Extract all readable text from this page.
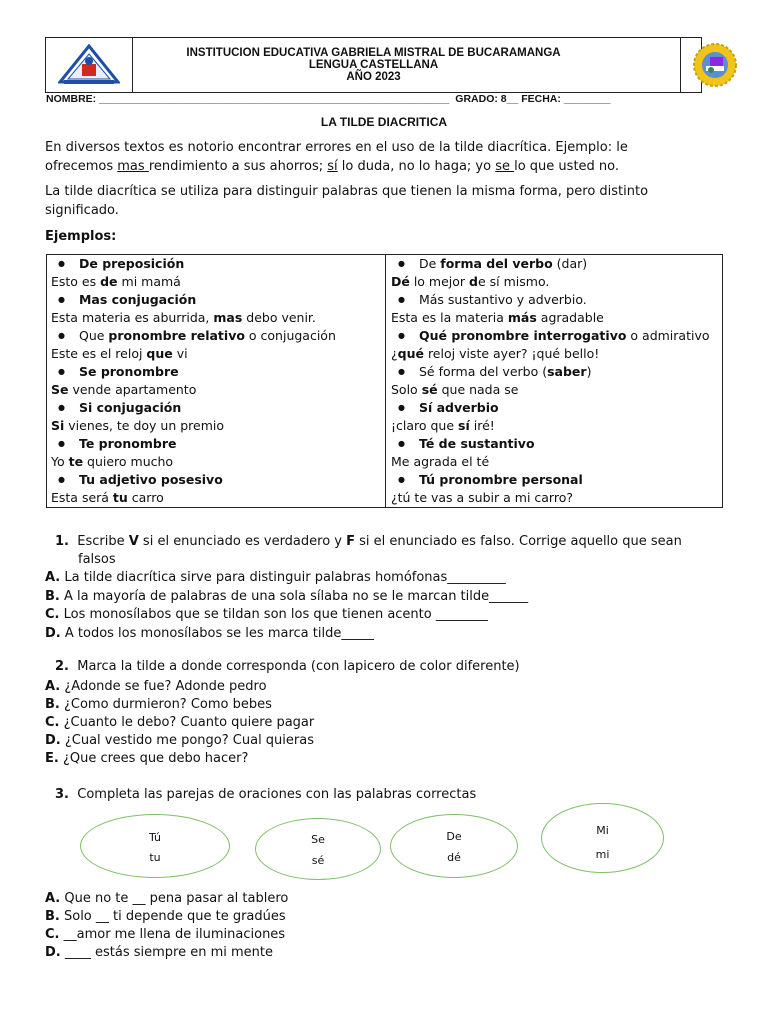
INSTITUCION EDUCATIVA GABRIELA MISTRAL DE BUCARAMANGA
LENGUA CASTELLANA
AÑO 2023
NOMBRE: ____________________________________________________________  GRADO: 8__ FECHA: ________
LA TILDE DIACRITICA
En diversos textos es notorio encontrar errores en el uso de la tilde diacrítica. Ejemplo: le
ofrecemos mas rendimiento a sus ahorros; sí lo duda, no lo haga; yo se lo que usted no.
La tilde diacrítica se utiliza para distinguir palabras que tienen la misma forma, pero distinto
significado.
Ejemplos:
● De preposición
Esto es de mi mamá
● Mas conjugación
Esta materia es aburrida, mas debo venir.
● Que pronombre relativo o conjugación
Este es el reloj que vi
● Se pronombre
Se vende apartamento
● Si conjugación
Si vienes, te doy un premio
● Te pronombre
Yo te quiero mucho
● Tu adjetivo posesivo
Esta será tu carro
● De forma del verbo (dar)
Dé lo mejor de sí mismo.
● Más sustantivo y adverbio.
Esta es la materia más agradable
● Qué pronombre interrogativo o admirativo
¿qué reloj viste ayer? ¡qué bello!
● Sé forma del verbo (saber)
Solo sé que nada se
● Sí adverbio
¡claro que sí iré!
● Té de sustantivo
Me agrada el té
● Tú pronombre personal
¿tú te vas a subir a mi carro?
1. Escribe V si el enunciado es verdadero y F si el enunciado es falso. Corrige aquello que sean
falsos
A. La tilde diacrítica sirve para distinguir palabras homófonas_________
B. A la mayoría de palabras de una sola sílaba no se le marcan tilde______
C. Los monosílabos que se tildan son los que tienen acento ________
D. A todos los monosílabos se les marca tilde_____
2. Marca la tilde a donde corresponda (con lapicero de color diferente)
A. ¿Adonde se fue? Adonde pedro
B. ¿Como durmieron? Como bebes
C. ¿Cuanto le debo? Cuanto quiere pagar
D. ¿Cual vestido me pongo? Cual quieras
E. ¿Que crees que debo hacer?
3. Completa las parejas de oraciones con las palabras correctas
Tú
tu
Se
sé
De
dé
Mi
mi
A. Que no te __ pena pasar al tablero
B. Solo __ ti depende que te gradúes
C. __amor me llena de iluminaciones
D. ____ estás siempre en mi mente
